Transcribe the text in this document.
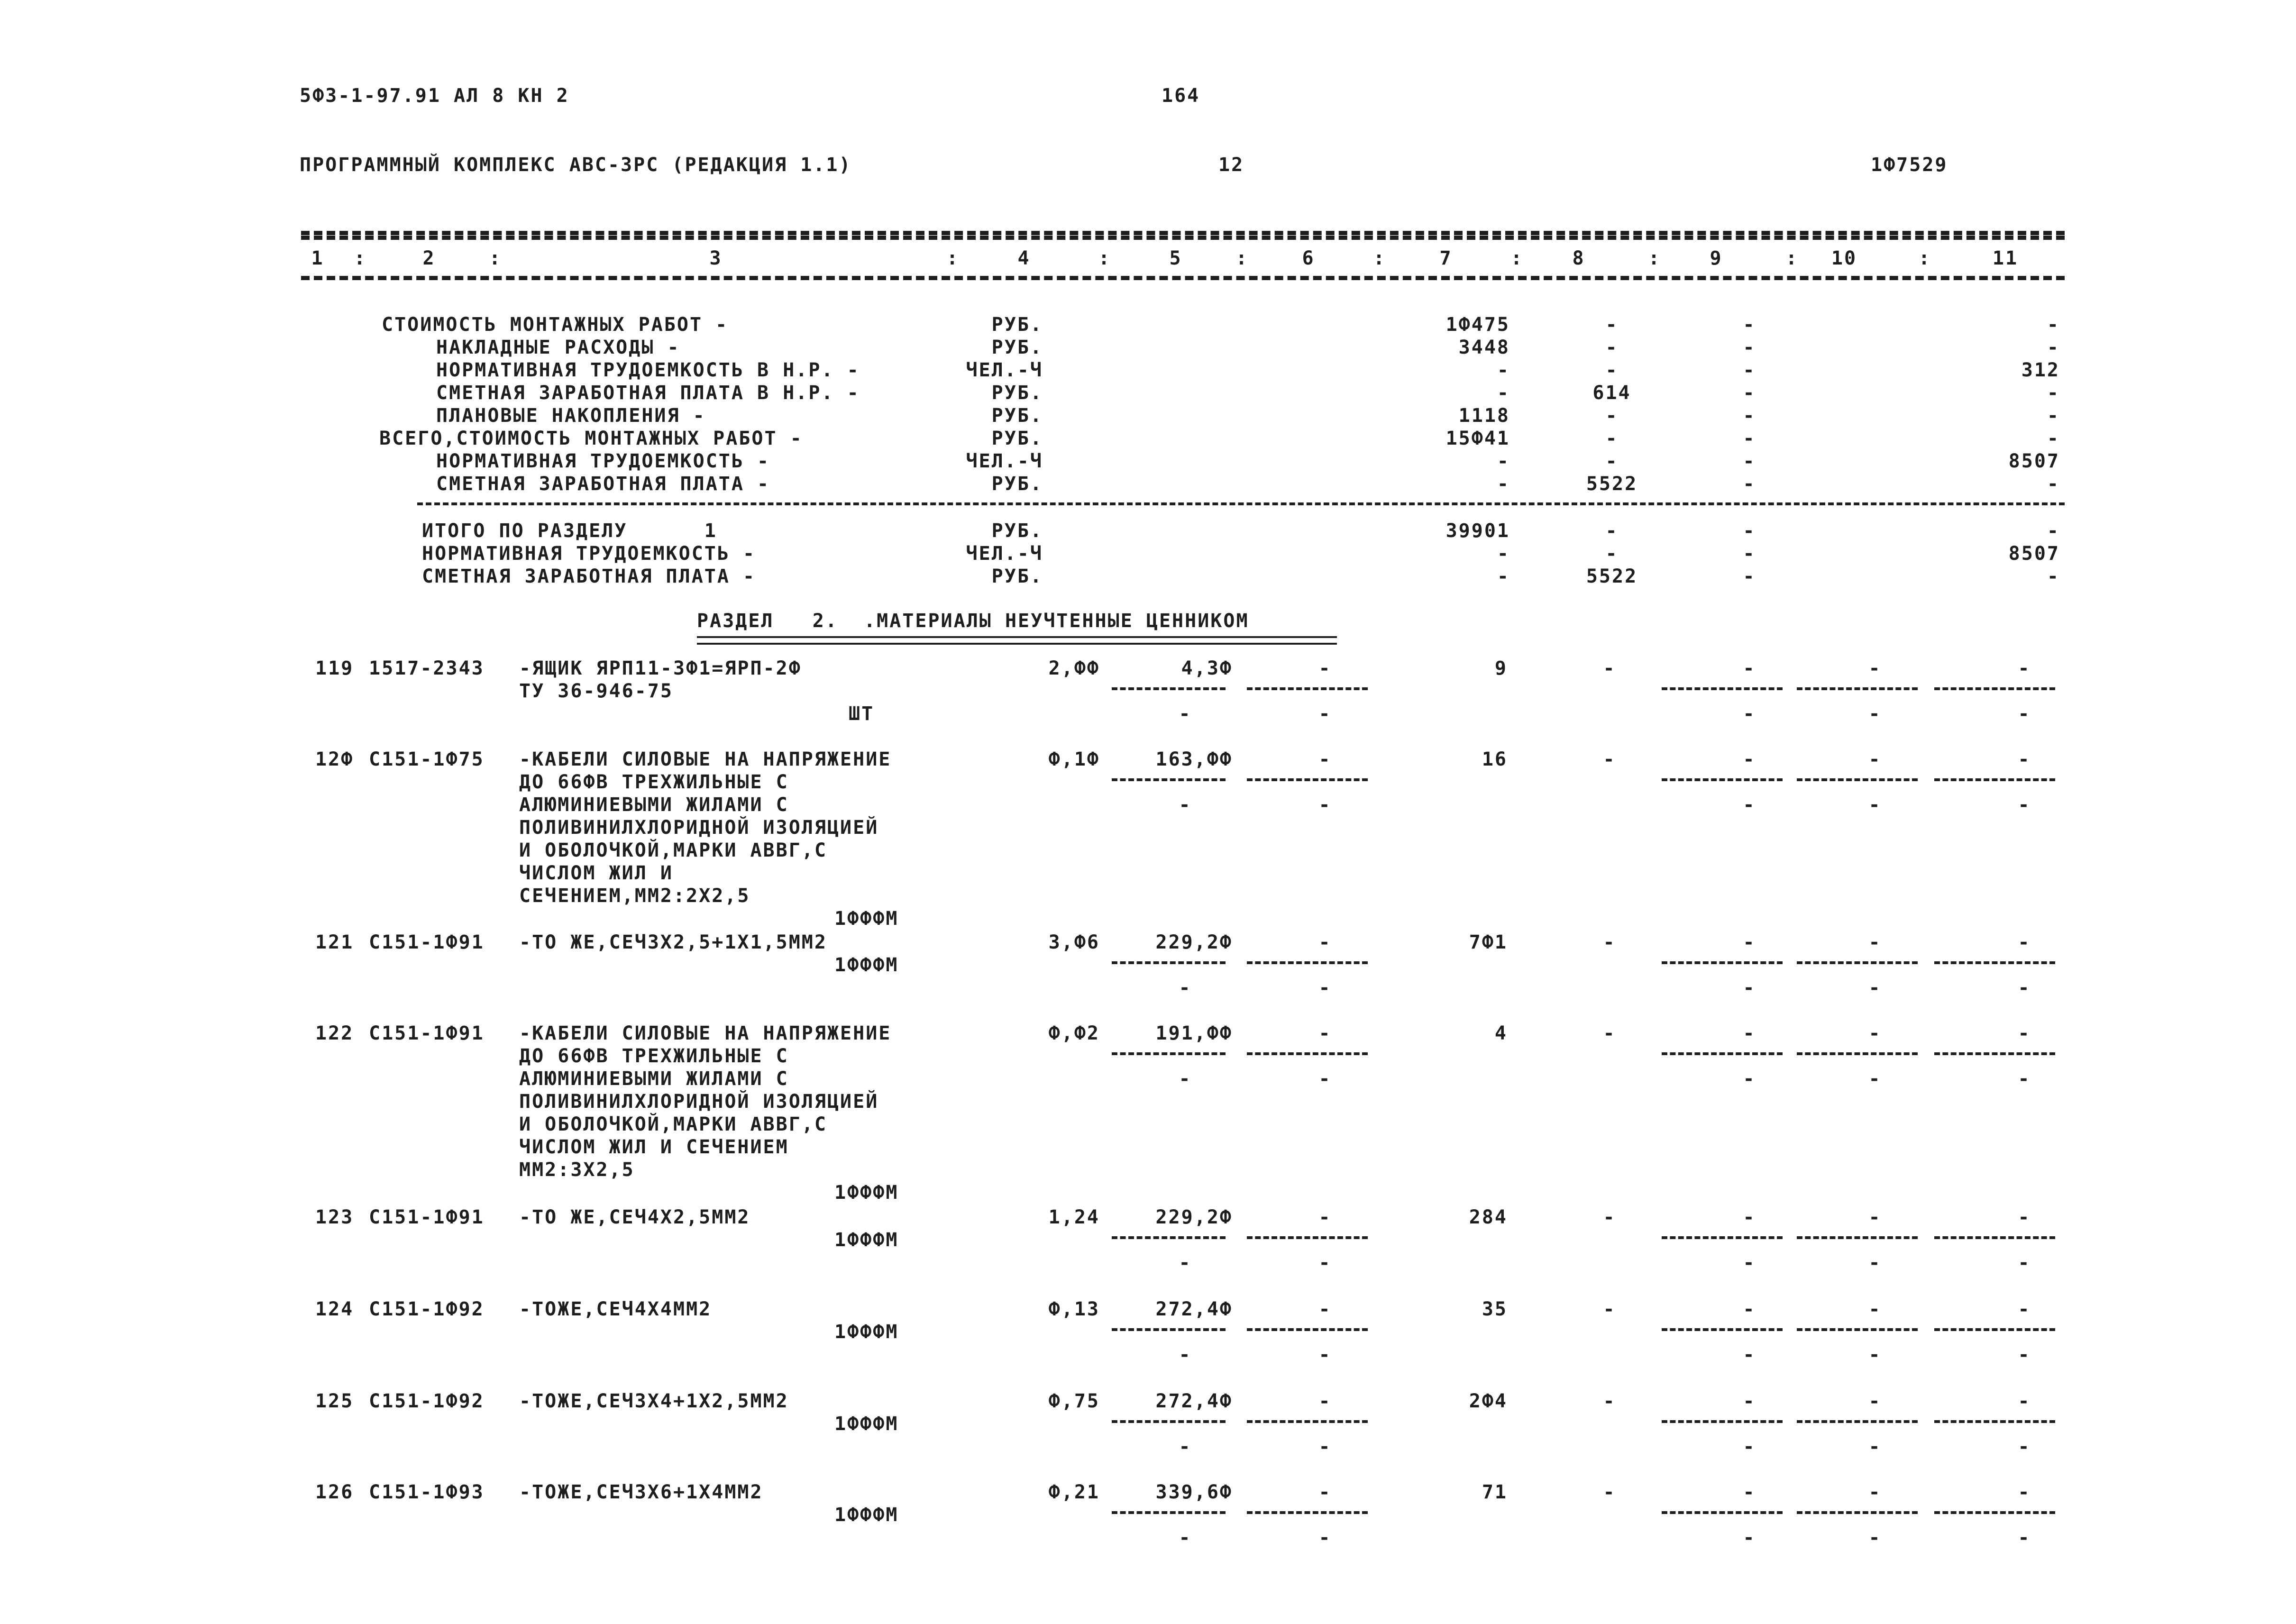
5Ф3-1-97.91 АЛ 8 КН 2	164
ПРОГРАММНЫЙ КОМПЛЕКС АВС-3РС (РЕДАКЦИЯ 1.1)	12	1Ф7529
1	:	2	:	3	:	4	:	5	:	6	:	7	:	8	:	9	:	10	:	11
СТОИМОСТЬ МОНТАЖНЫХ РАБОТ -	РУБ.	1Ф475	-	-	-
НАКЛАДНЫЕ РАСХОДЫ -	РУБ.	3448	-	-	-
НОРМАТИВНАЯ ТРУДОЕМКОСТЬ В Н.Р. -	ЧЕЛ.-Ч	-	-	-	312
СМЕТНАЯ ЗАРАБОТНАЯ ПЛАТА В Н.Р. -	РУБ.	-	614	-	-
ПЛАНОВЫЕ НАКОПЛЕНИЯ -	РУБ.	1118	-	-	-
ВСЕГО,СТОИМОСТЬ МОНТАЖНЫХ РАБОТ -	РУБ.	15Ф41	-	-	-
НОРМАТИВНАЯ ТРУДОЕМКОСТЬ -	ЧЕЛ.-Ч	-	-	-	8507
СМЕТНАЯ ЗАРАБОТНАЯ ПЛАТА -	РУБ.	-	5522	-	-
ИТОГО ПО РАЗДЕЛУ      1	РУБ.	39901	-	-	-
НОРМАТИВНАЯ ТРУДОЕМКОСТЬ -	ЧЕЛ.-Ч	-	-	-	8507
СМЕТНАЯ ЗАРАБОТНАЯ ПЛАТА -	РУБ.	-	5522	-	-
РАЗДЕЛ   2.  .МАТЕРИАЛЫ НЕУЧТЕННЫЕ ЦЕННИКОМ
119 1517-2343 -ЯЩИК ЯРП11-3Ф1=ЯРП-2Ф
ТУ 36-946-75
ШТ
2,ФФ	4,3Ф	-	9	-	-	-	-
-	-	-	-	-
12Ф С151-1Ф75 -КАБЕЛИ СИЛОВЫЕ НА НАПРЯЖЕНИЕ
ДО 66ФВ ТРЕХЖИЛЬНЫЕ С
АЛЮМИНИЕВЫМИ ЖИЛАМИ С
ПОЛИВИНИЛХЛОРИДНОЙ ИЗОЛЯЦИЕЙ
И ОБОЛОЧКОЙ,МАРКИ АВВГ,С
ЧИСЛОМ ЖИЛ И
СЕЧЕНИЕМ,ММ2:2Х2,5
1ФФФМ
Ф,1Ф	163,ФФ	-	16	-	-	-	-
-	-	-	-	-
121 С151-1Ф91 -ТО ЖЕ,СЕЧ3Х2,5+1Х1,5ММ2
1ФФФМ
3,Ф6	229,2Ф	-	7Ф1	-	-	-	-
-	-	-	-	-
122 С151-1Ф91 -КАБЕЛИ СИЛОВЫЕ НА НАПРЯЖЕНИЕ
ДО 66ФВ ТРЕХЖИЛЬНЫЕ С
АЛЮМИНИЕВЫМИ ЖИЛАМИ С
ПОЛИВИНИЛХЛОРИДНОЙ ИЗОЛЯЦИЕЙ
И ОБОЛОЧКОЙ,МАРКИ АВВГ,С
ЧИСЛОМ ЖИЛ И СЕЧЕНИЕМ
ММ2:3Х2,5
1ФФФМ
Ф,Ф2	191,ФФ	-	4	-	-	-	-
-	-	-	-	-
123 С151-1Ф91 -ТО ЖЕ,СЕЧ4Х2,5ММ2
1ФФФМ
1,24	229,2Ф	-	284	-	-	-	-
-	-	-	-	-
124 С151-1Ф92 -ТОЖЕ,СЕЧ4Х4ММ2
1ФФФМ
Ф,13	272,4Ф	-	35	-	-	-	-
-	-	-	-	-
125 С151-1Ф92 -ТОЖЕ,СЕЧ3Х4+1Х2,5ММ2
1ФФФМ
Ф,75	272,4Ф	-	2Ф4	-	-	-	-
-	-	-	-	-
126 С151-1Ф93 -ТОЖЕ,СЕЧ3Х6+1Х4ММ2
1ФФФМ
Ф,21	339,6Ф	-	71	-	-	-	-
-	-	-	-	-
